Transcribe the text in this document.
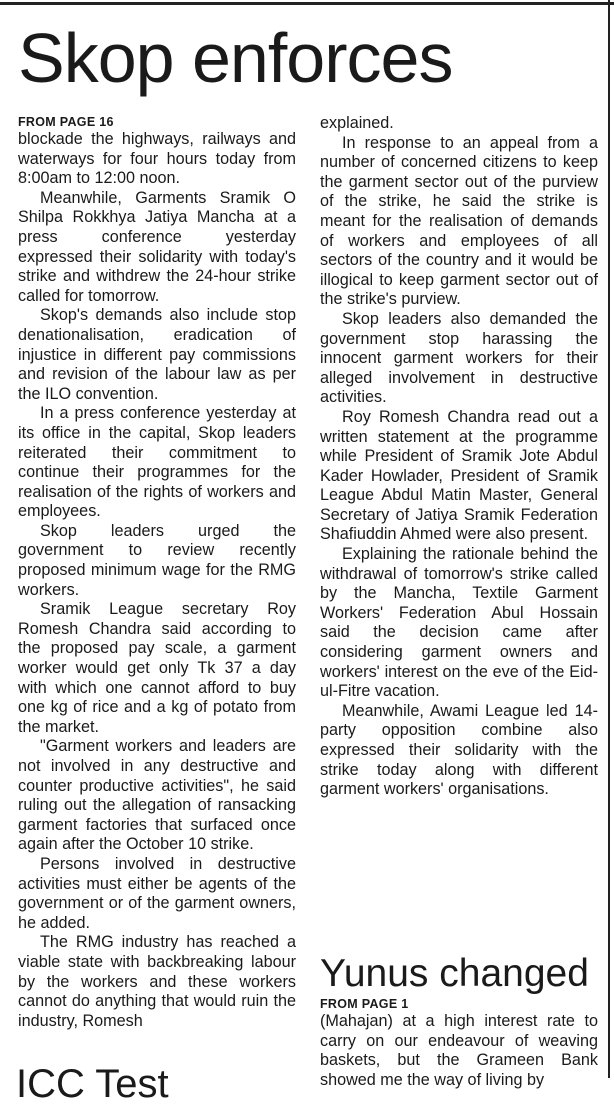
Skop enforces
FROM PAGE 16

blockade the highways, railways and waterways for four hours today from 8:00am to 12:00 noon.

Meanwhile, Garments Sramik O Shilpa Rokkhya Jatiya Mancha at a press conference yesterday expressed their solidarity with today's strike and withdrew the 24-hour strike called for tomorrow.

Skop's demands also include stop denationalisation, eradication of injustice in different pay commissions and revision of the labour law as per the ILO convention.

In a press conference yesterday at its office in the capital, Skop leaders reiterated their commitment to continue their programmes for the realisation of the rights of workers and employees.

Skop leaders urged the government to review recently proposed minimum wage for the RMG workers.

Sramik League secretary Roy Romesh Chandra said according to the proposed pay scale, a garment worker would get only Tk 37 a day with which one cannot afford to buy one kg of rice and a kg of potato from the market.

"Garment workers and leaders are not involved in any destructive and counter productive activities", he said ruling out the allegation of ransacking garment factories that surfaced once again after the October 10 strike.

Persons involved in destructive activities must either be agents of the government or of the garment owners, he added.

The RMG industry has reached a viable state with backbreaking labour by the workers and these workers cannot do anything that would ruin the industry, Romesh

explained.

In response to an appeal from a number of concerned citizens to keep the garment sector out of the purview of the strike, he said the strike is meant for the realisation of demands of workers and employees of all sectors of the country and it would be illogical to keep garment sector out of the strike's purview.

Skop leaders also demanded the government stop harassing the innocent garment workers for their alleged involvement in destructive activities.

Roy Romesh Chandra read out a written statement at the programme while President of Sramik Jote Abdul Kader Howlader, President of Sramik League Abdul Matin Master, General Secretary of Jatiya Sramik Federation Shafiuddin Ahmed were also present.

Explaining the rationale behind the withdrawal of tomorrow's strike called by the Mancha, Textile Garment Workers' Federation Abul Hossain said the decision came after considering garment owners and workers' interest on the eve of the Eid-ul-Fitre vacation.

Meanwhile, Awami League led 14-party opposition combine also expressed their solidarity with the strike today along with different garment workers' organisations.

Yunus changed
FROM PAGE 1

(Mahajan) at a high interest rate to carry on our endeavour of weaving baskets, but the Grameen Bank showed me the way of living by

ICC Test
